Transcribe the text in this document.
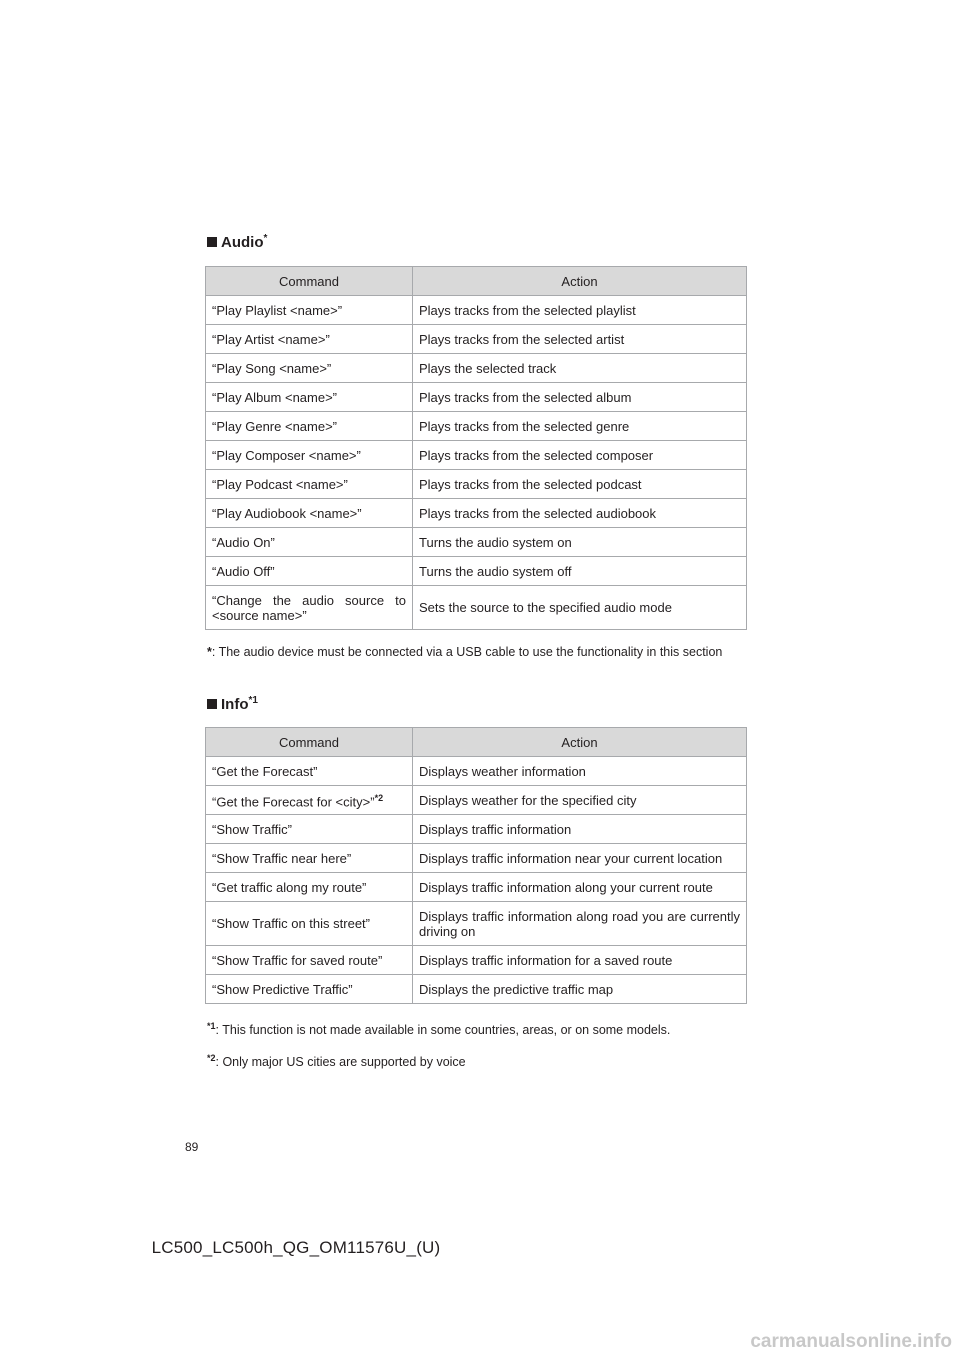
Audio*
Command	Action
“Play Playlist <name>”	Plays tracks from the selected playlist
“Play Artist <name>”	Plays tracks from the selected artist
“Play Song <name>”	Plays the selected track
“Play Album <name>”	Plays tracks from the selected album
“Play Genre <name>”	Plays tracks from the selected genre
“Play Composer <name>”	Plays tracks from the selected composer
“Play Podcast <name>”	Plays tracks from the selected podcast
“Play Audiobook <name>”	Plays tracks from the selected audiobook
“Audio On”	Turns the audio system on
“Audio Off”	Turns the audio system off
“Change the audio source to <source name>”	Sets the source to the specified audio mode
*: The audio device must be connected via a USB cable to use the functionality in this section
Info$^{*1}$
Command	Action
“Get the Forecast”	Displays weather information
“Get the Forecast for <city>”$^{*2}$	Displays weather for the specified city
“Show Traffic”	Displays traffic information
“Show Traffic near here”	Displays traffic information near your current location
“Get traffic along my route”	Displays traffic information along your current route
“Show Traffic on this street”	Displays traffic information along road you are currently driving on
“Show Traffic for saved route”	Displays traffic information for a saved route
“Show Predictive Traffic”	Displays the predictive traffic map
$^{*1}$: This function is not made available in some countries, areas, or on some models.
$^{*2}$: Only major US cities are supported by voice
89
LC500_LC500h_QG_OM11576U_(U)
carmanualsonline.info
